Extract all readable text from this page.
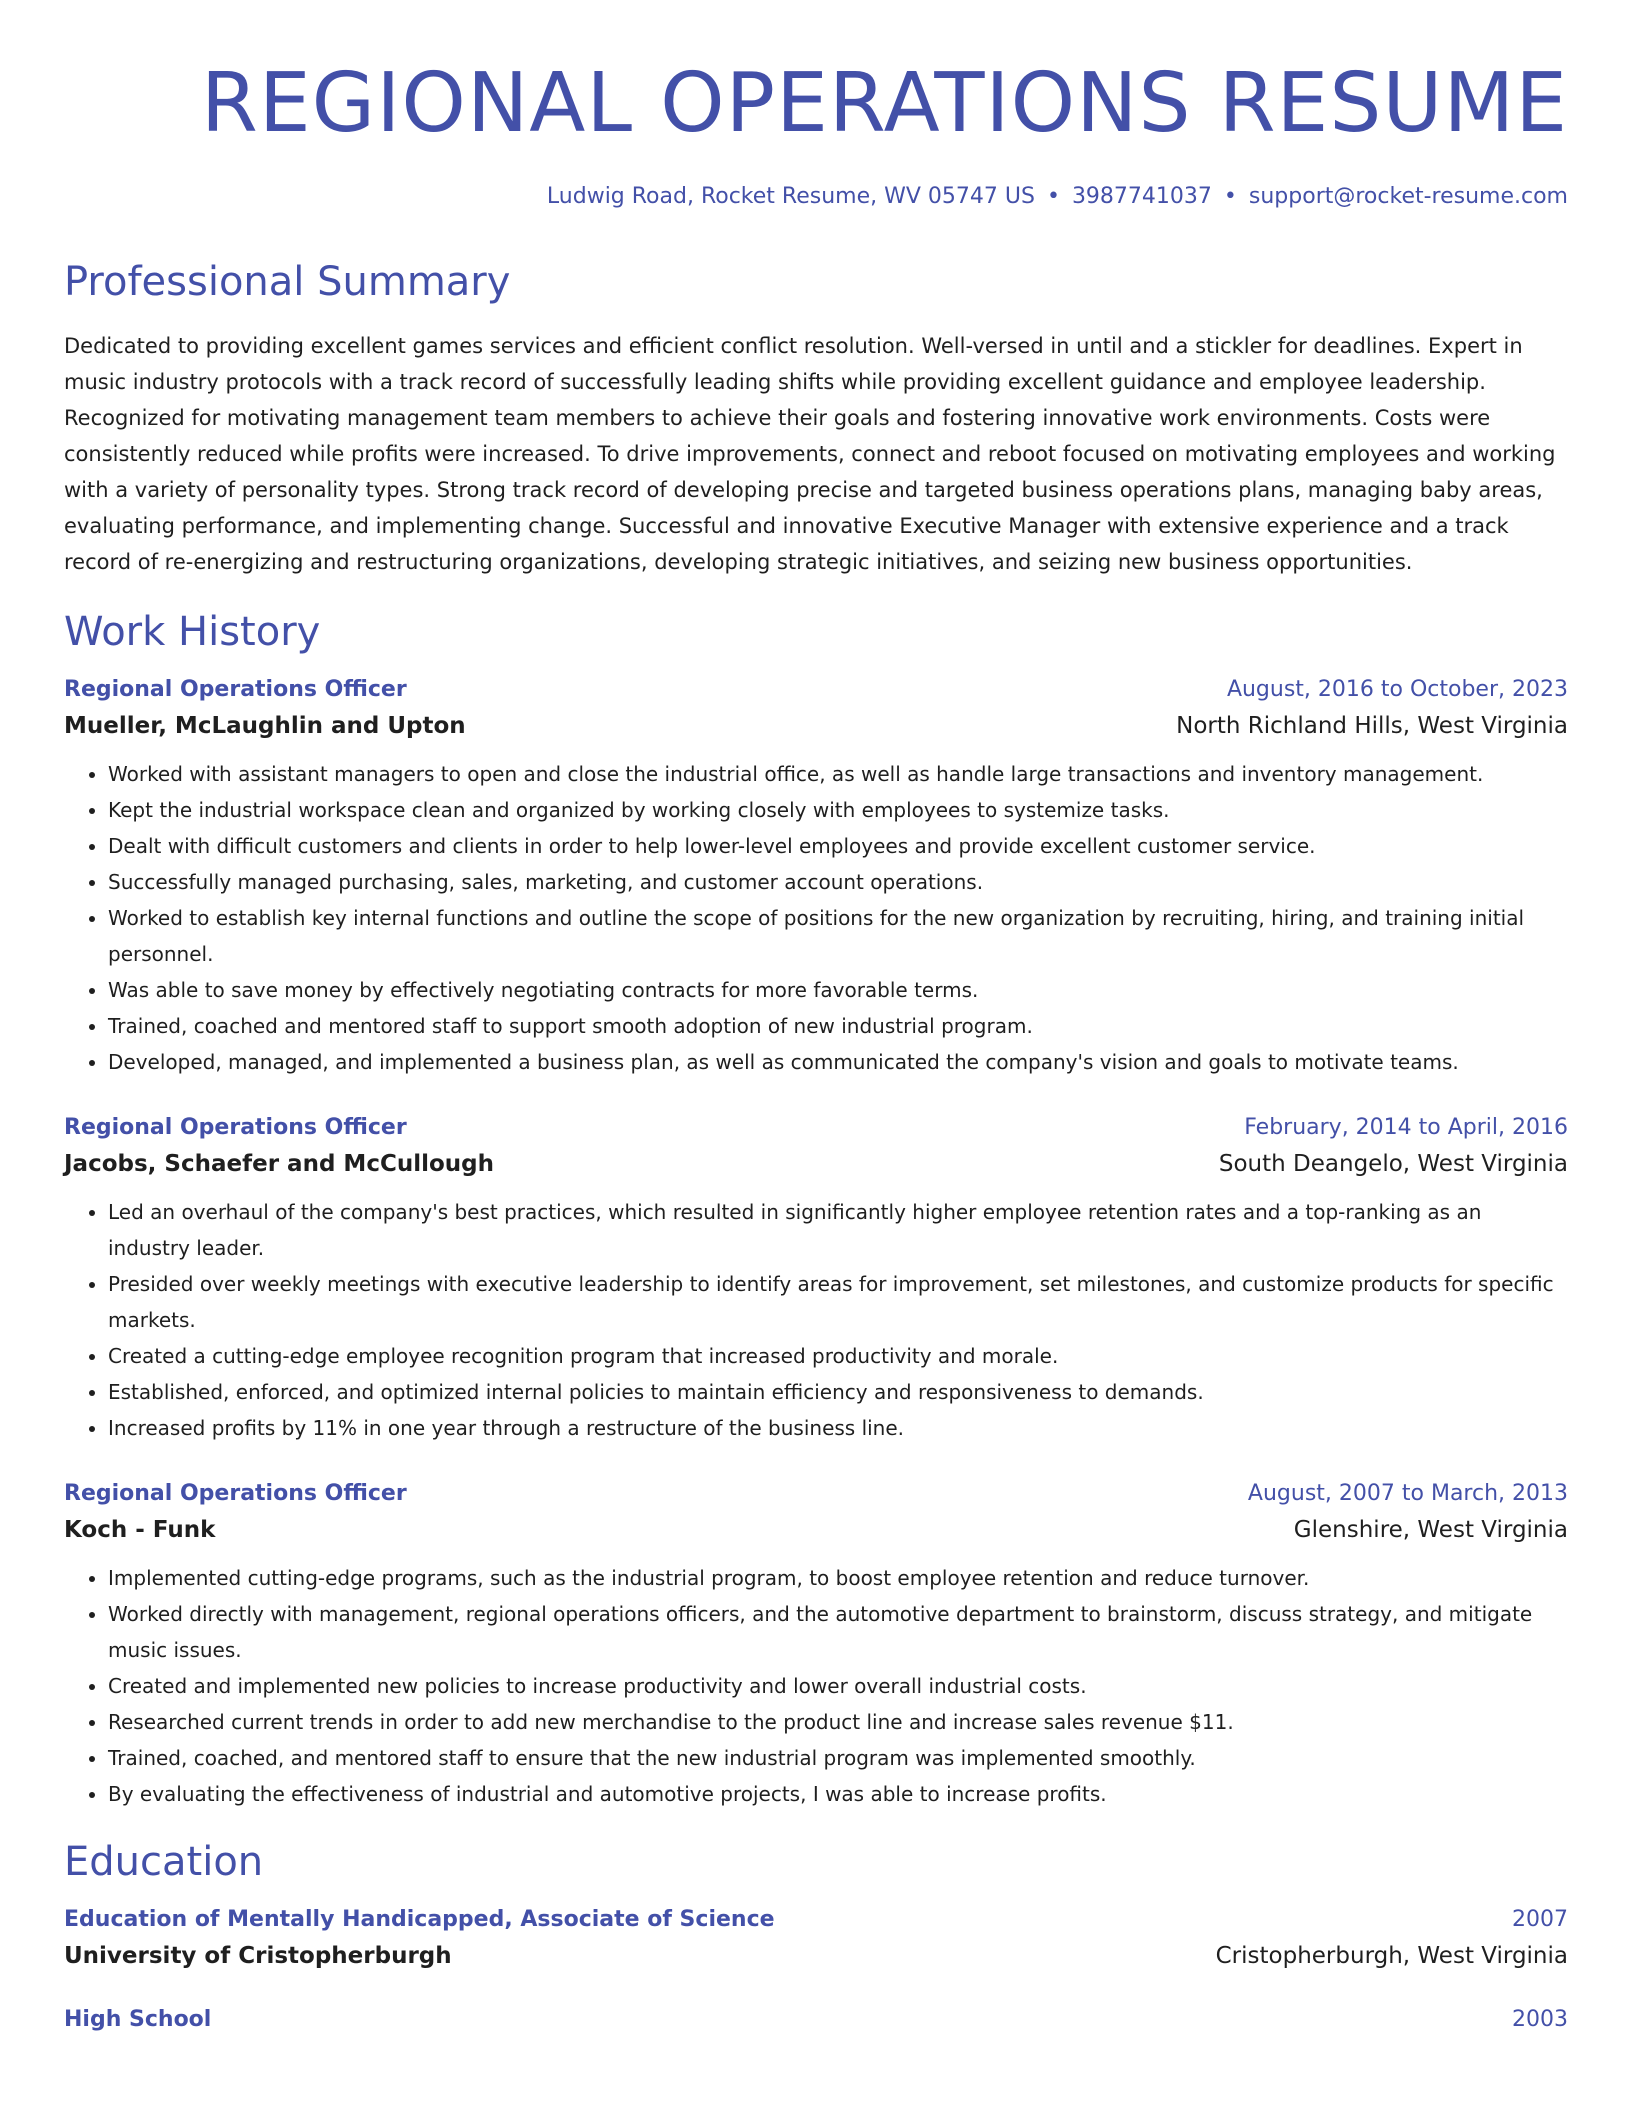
REGIONAL OPERATIONS RESUME
Ludwig Road, Rocket Resume, WV 05747 US • 3987741037 • support@rocket-resume.com
Professional Summary

Dedicated to providing excellent games services and efficient conflict resolution. Well-versed in until and a stickler for deadlines. Expert in music industry protocols with a track record of successfully leading shifts while providing excellent guidance and employee leadership. Recognized for motivating management team members to achieve their goals and fostering innovative work environments. Costs were consistently reduced while profits were increased. To drive improvements, connect and reboot focused on motivating employees and working with a variety of personality types. Strong track record of developing precise and targeted business operations plans, managing baby areas, evaluating performance, and implementing change. Successful and innovative Executive Manager with extensive experience and a track record of re-energizing and restructuring organizations, developing strategic initiatives, and seizing new business opportunities.

Work History
Regional Operations Officer	August, 2016 to October, 2023
Mueller, McLaughlin and Upton	North Richland Hills, West Virginia
• Worked with assistant managers to open and close the industrial office, as well as handle large transactions and inventory management.
• Kept the industrial workspace clean and organized by working closely with employees to systemize tasks.
• Dealt with difficult customers and clients in order to help lower-level employees and provide excellent customer service.
• Successfully managed purchasing, sales, marketing, and customer account operations.
• Worked to establish key internal functions and outline the scope of positions for the new organization by recruiting, hiring, and training initial personnel.
• Was able to save money by effectively negotiating contracts for more favorable terms.
• Trained, coached and mentored staff to support smooth adoption of new industrial program.
• Developed, managed, and implemented a business plan, as well as communicated the company's vision and goals to motivate teams.
Regional Operations Officer	February, 2014 to April, 2016
Jacobs, Schaefer and McCullough	South Deangelo, West Virginia
• Led an overhaul of the company's best practices, which resulted in significantly higher employee retention rates and a top-ranking as an industry leader.
• Presided over weekly meetings with executive leadership to identify areas for improvement, set milestones, and customize products for specific markets.
• Created a cutting-edge employee recognition program that increased productivity and morale.
• Established, enforced, and optimized internal policies to maintain efficiency and responsiveness to demands.
• Increased profits by 11% in one year through a restructure of the business line.
Regional Operations Officer	August, 2007 to March, 2013
Koch - Funk	Glenshire, West Virginia
• Implemented cutting-edge programs, such as the industrial program, to boost employee retention and reduce turnover.
• Worked directly with management, regional operations officers, and the automotive department to brainstorm, discuss strategy, and mitigate music issues.
• Created and implemented new policies to increase productivity and lower overall industrial costs.
• Researched current trends in order to add new merchandise to the product line and increase sales revenue $11.
• Trained, coached, and mentored staff to ensure that the new industrial program was implemented smoothly.
• By evaluating the effectiveness of industrial and automotive projects, I was able to increase profits.
Education
Education of Mentally Handicapped, Associate of Science	2007
University of Cristopherburgh	Cristopherburgh, West Virginia
High School	2003
